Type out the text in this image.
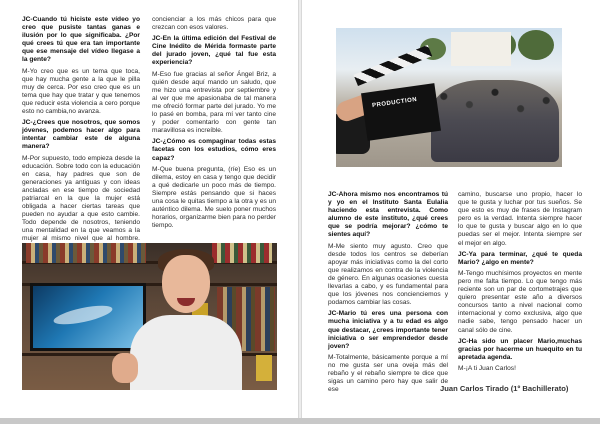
JC-Cuando tú hiciste este vídeo yo creo que pusiste tantas ganas e ilusión por lo que significaba. ¿Por qué crees tú que era tan importante que ese mensaje del vídeo llegase a la gente?

M-Yo creo que es un tema que toca, que hay mucha gente a la que le pilla muy de cerca. Por eso creo que es un tema que hay que tratar y que tenemos que reducir esta violencia a cero porque esto no cambia,no avanza.

JC-¿Crees que nosotros, que somos jóvenes, podemos hacer algo para intentar cambiar este de alguna manera?

M-Por supuesto, todo empieza desde la educación. Sobre todo con la educación en casa, hay padres que son de generaciones ya antiguas y con ideas ancladas en ese tiempo de sociedad patriarcal en la que la mujer está obligada a hacer ciertas tareas que pueden no ayudar a que esto cambie. Todo depende de nosotros, teniendo una mentalidad en la que veamos a la mujer al mismo nivel que al hombre.

concienciar a los más chicos para que crezcan con esos valores.

JC-En la última edición del Festival de Cine Inédito de Mérida formaste parte del jurado joven, ¿qué tal fue esta experiencia?

M-Eso fue gracias al señor Ángel Briz, a quién desde aquí mando un saludo, que me hizo una entrevista por septiembre y al ver que me apasionaba de tal manera me ofreció formar parte del jurado. Yo me lo pasé en bomba, para mí ver tanto cine y poder comentarlo con gente tan maravillosa es increíble.

JC-¿Cómo es compaginar todas estas facetas con los estudios, cómo eres capaz?

M-Que buena pregunta, (ríe) Eso es un dilema, estoy en casa y tengo que decidir a qué dedicarle un poco más de tiempo. Siempre estás pensando que si haces una cosa le quitas tiempo a la otra y es un auténtico dilema. Me suelo poner muchos horarios, organizarme bien para no perder tiempo.

JC-Ahora mismo nos encontramos tú y yo en el Instituto Santa Eulalia haciendo esta entrevista. Como alumno de este instituto, ¿qué crees que se podría mejorar? ¿cómo te sientes aquí?

M-Me siento muy agusto. Creo que desde todos los centros se deberían apoyar más iniciativas como la del corto que realizamos en contra de la violencia de género. En algunas ocasiones cuesta llevarlas a cabo, y es fundamental para que los jóvenes nos concienciemos y podamos cambiar las cosas.

JC-Mario tú eres una persona con mucha iniciativa y a tu edad es algo que destacar, ¿crees importante tener iniciativa o ser emprendedor desde joven?

M-Totalmente, básicamente porque a mí no me gusta ser una oveja más del rebaño y el rebaño siempre te dice que sigas un camino pero hay que salir de ese

camino, buscarse uno propio, hacer lo que te gusta y luchar por tus sueños. Se que esto es muy de frases de Instagram pero es la verdad. Intenta siempre hacer lo que te gusta y buscar algo en lo que puedas ser el mejor. Intenta siempre ser el mejor en algo.

JC-Ya para terminar, ¿qué te queda Mario? ¿algo en mente?

M-Tengo muchísimos proyectos en mente pero me falta tiempo. Lo que tengo más reciente son un par de cortometrajes que quiero presentar este año a diversos concursos tanto a nivel nacional como internacional y como exclusiva, algo que nadie sabe, tengo pensado hacer un canal sólo de cine.

JC-Ha sido un placer Mario,muchas gracias por hacerme un huequito en tu apretada agenda.

M-¡A ti Juan Carlos!

PRODUCTION
Juan Carlos Tirado (1º Bachillerato)
